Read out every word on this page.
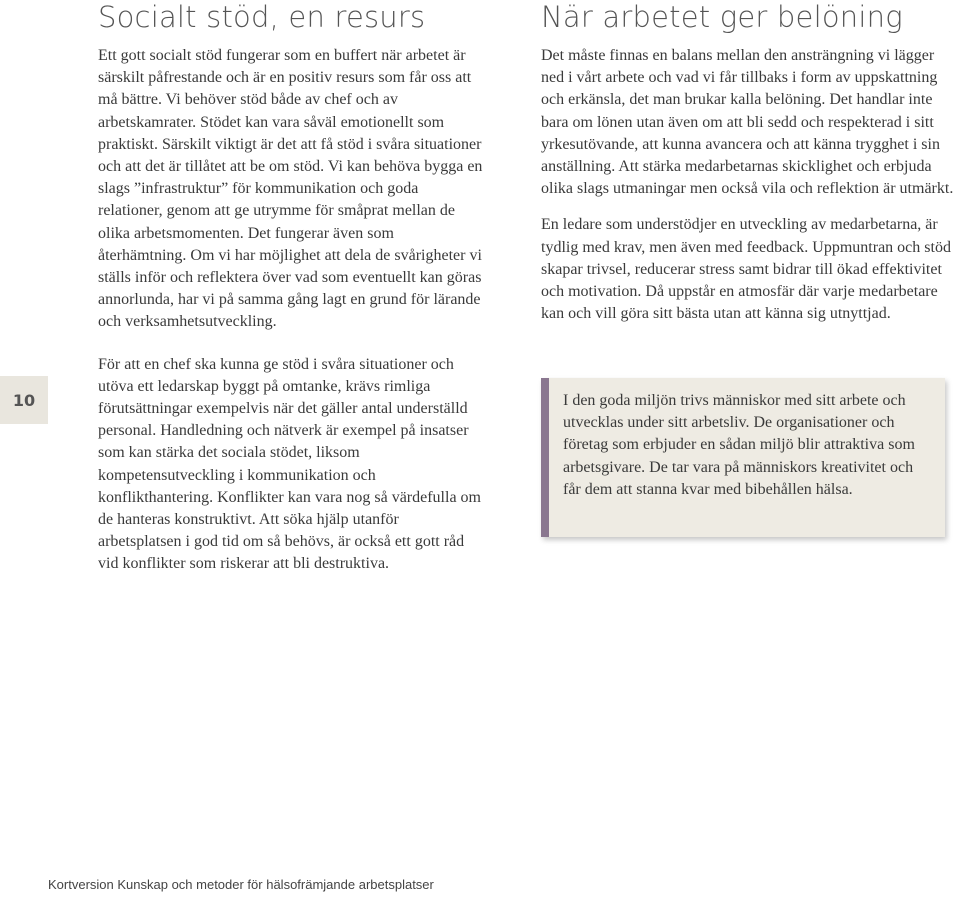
10
Socialt stöd, en resurs

Ett gott socialt stöd fungerar som en buffert när arbetet är särskilt påfrestande och är en positiv resurs som får oss att må bättre. Vi behöver stöd både av chef och av arbetskamrater. Stödet kan vara såväl emotionellt som praktiskt. Särskilt viktigt är det att få stöd i svåra situationer och att det är tillåtet att be om stöd. Vi kan behöva bygga en slags ”infrastruktur” för kommunikation och goda relationer, genom att ge utrymme för småprat mellan de olika arbetsmomenten. Det fungerar även som återhämtning. Om vi har möjlighet att dela de svårigheter vi ställs inför och reflektera över vad som eventuellt kan göras annorlunda, har vi på samma gång lagt en grund för lärande och verksamhetsutveckling.

För att en chef ska kunna ge stöd i svåra situationer och utöva ett ledarskap byggt på omtanke, krävs rimliga förutsättningar exempelvis när det gäller antal underställd personal. Handledning och nätverk är exempel på insatser som kan stärka det sociala stödet, liksom kompetensutveckling i kommunikation och konflikthantering. Konflikter kan vara nog så värdefulla om de hanteras konstruktivt. Att söka hjälp utanför arbetsplatsen i god tid om så behövs, är också ett gott råd vid konflikter som riskerar att bli destruktiva.

När arbetet ger belöning

Det måste finnas en balans mellan den ansträngning vi lägger ned i vårt arbete och vad vi får tillbaks i form av uppskattning och erkänsla, det man brukar kalla belöning. Det handlar inte bara om lönen utan även om att bli sedd och respekterad i sitt yrkesutövande, att kunna avancera och att känna trygghet i sin anställning. Att stärka medarbetarnas skicklighet och erbjuda olika slags utmaningar men också vila och reflektion är utmärkt.

En ledare som understödjer en utveckling av medarbetarna, är tydlig med krav, men även med feedback. Uppmuntran och stöd skapar trivsel, reducerar stress samt bidrar till ökad effektivitet och motivation. Då uppstår en atmosfär där varje medarbetare kan och vill göra sitt bästa utan att känna sig utnyttjad.

I den goda miljön trivs människor med sitt arbete och utvecklas under sitt arbetsliv. De organisationer och företag som erbjuder en sådan miljö blir attraktiva som arbetsgivare. De tar vara på människors kreativitet och får dem att stanna kvar med bibehållen hälsa.

Kortversion Kunskap och metoder för hälsofrämjande arbetsplatser
